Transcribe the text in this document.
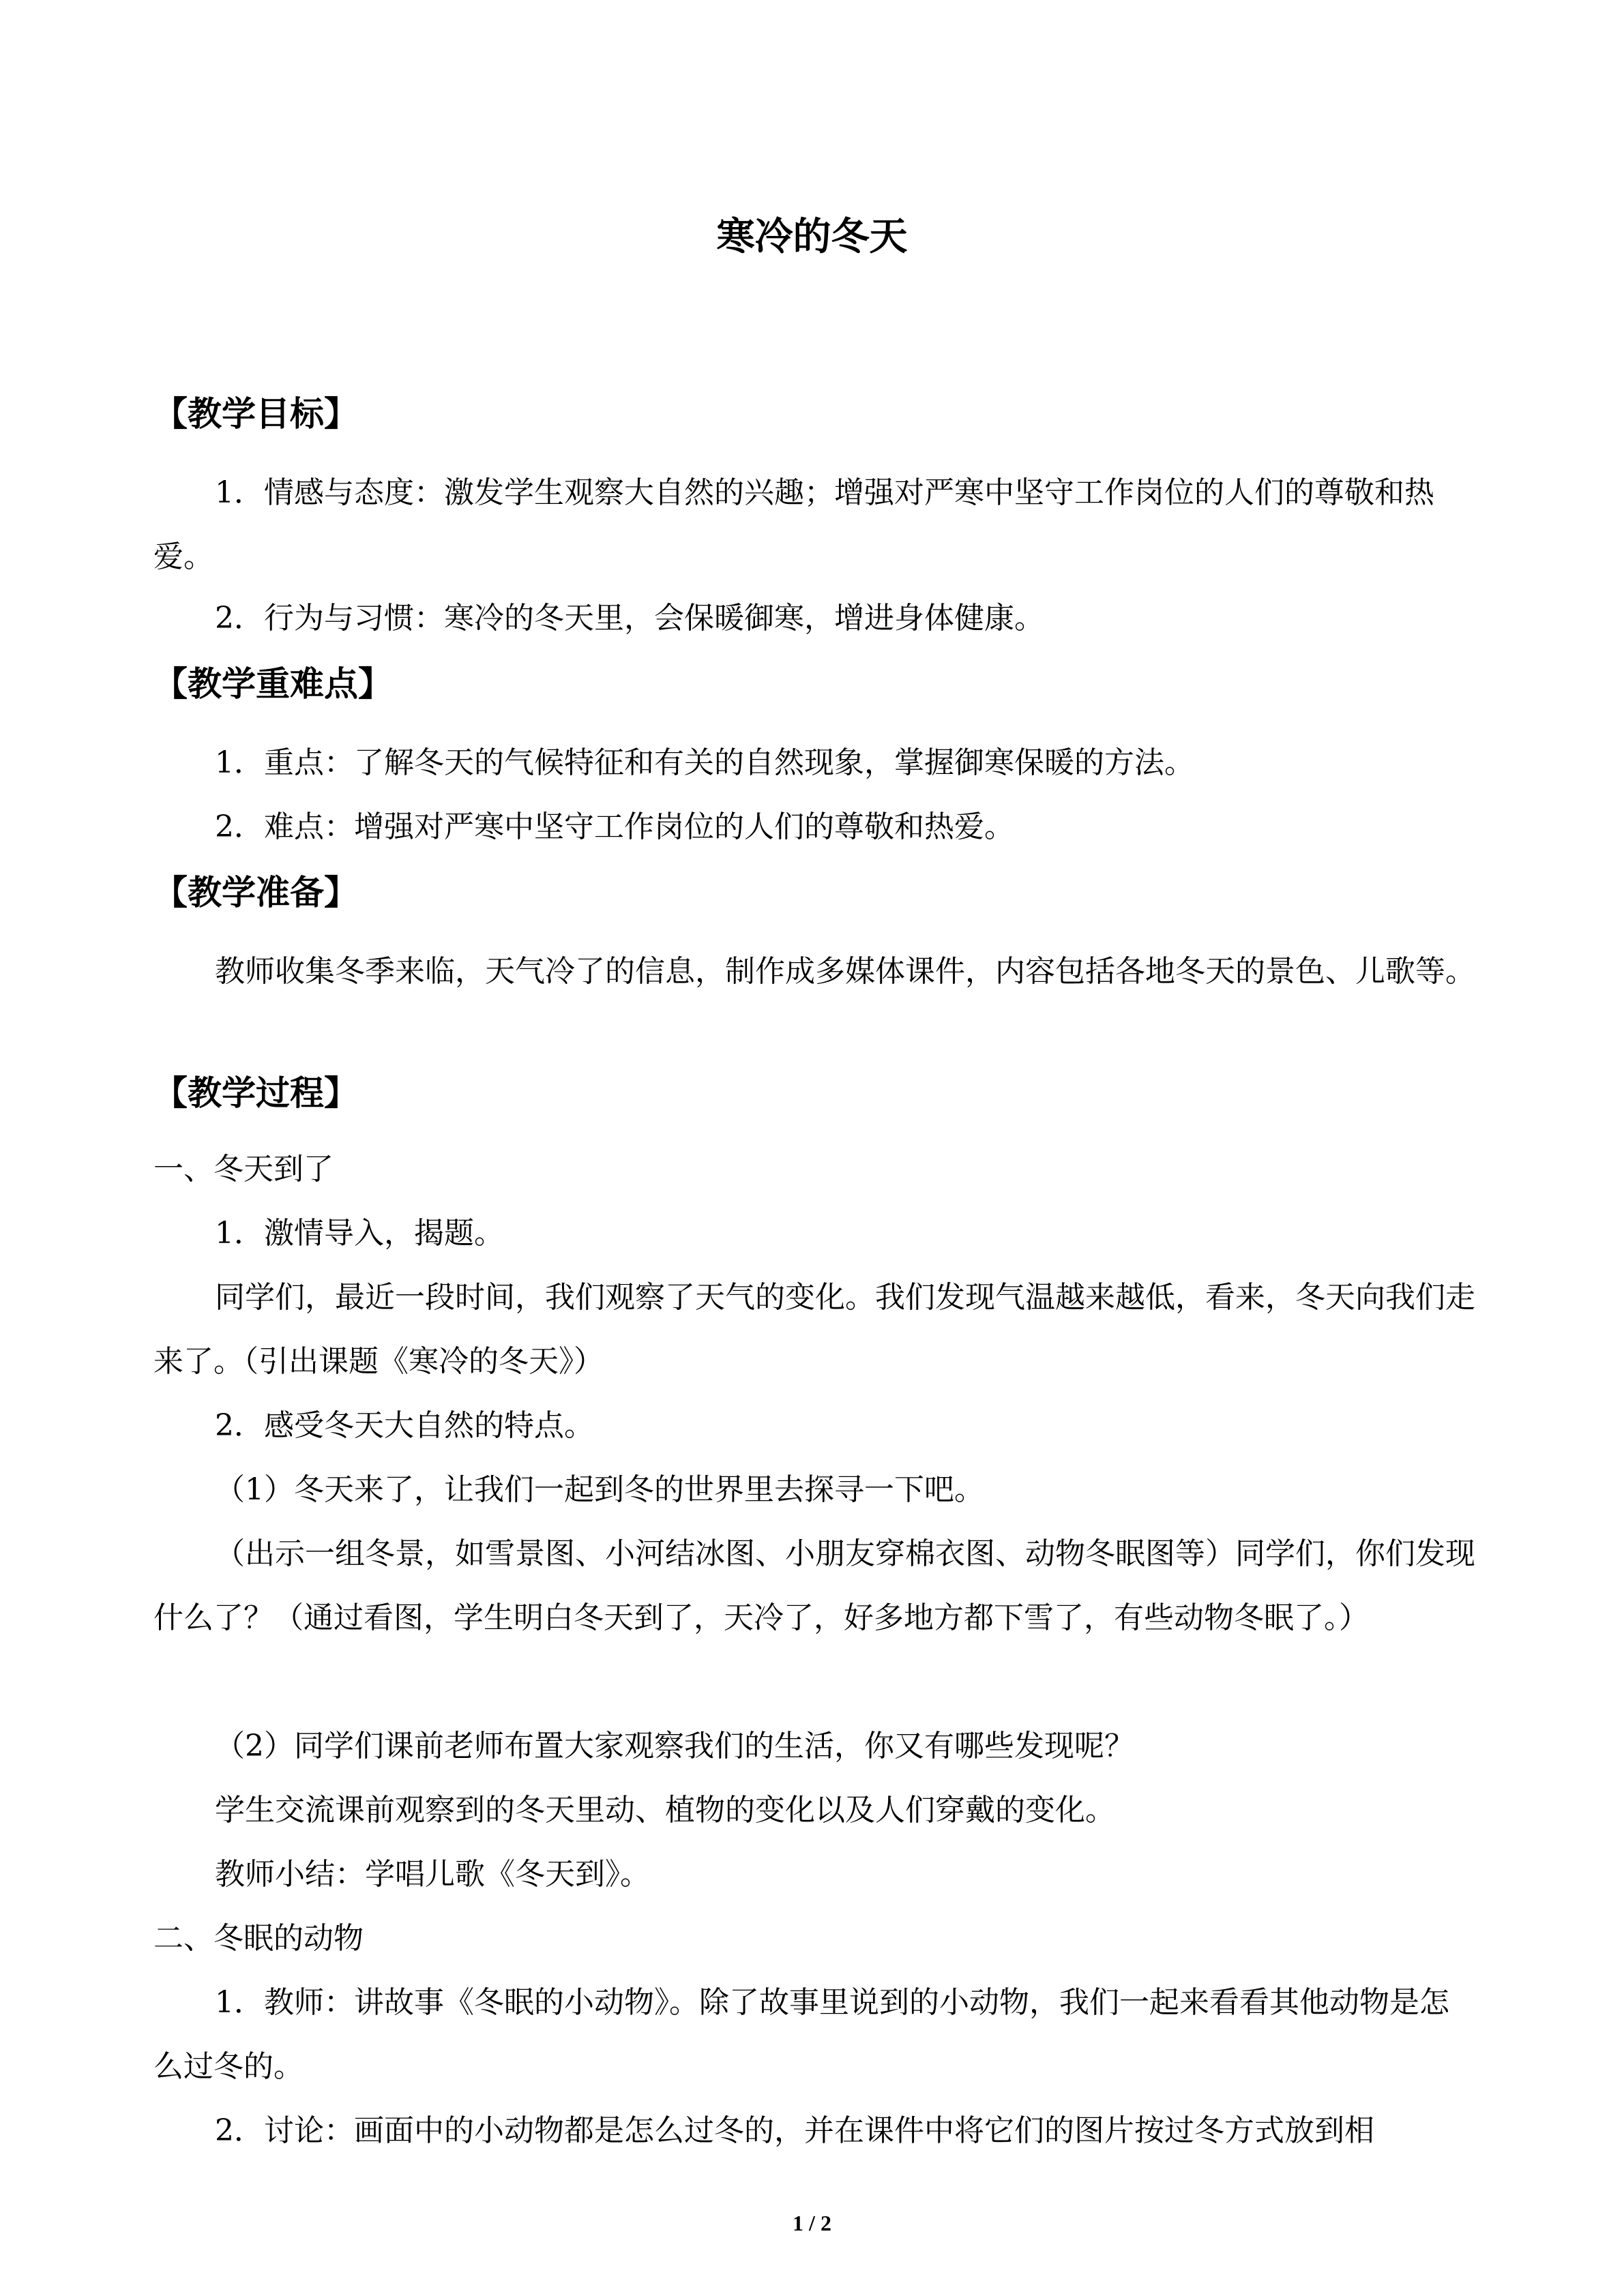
寒冷的冬天
【教学目标】

1．情感与态度：激发学生观察大自然的兴趣；增强对严寒中坚守工作岗位的人们的尊敬和热爱。

2．行为与习惯：寒冷的冬天里，会保暖御寒，增进身体健康。

【教学重难点】

1．重点：了解冬天的气候特征和有关的自然现象，掌握御寒保暖的方法。

2．难点：增强对严寒中坚守工作岗位的人们的尊敬和热爱。

【教学准备】

教师收集冬季来临，天气冷了的信息，制作成多媒体课件，内容包括各地冬天的景色、儿歌等。

【教学过程】

一、冬天到了

1．激情导入，揭题。

同学们，最近一段时间，我们观察了天气的变化。我们发现气温越来越低，看来，冬天向我们走来了。（引出课题《寒冷的冬天》）

2．感受冬天大自然的特点。

（1）冬天来了，让我们一起到冬的世界里去探寻一下吧。

（出示一组冬景，如雪景图、小河结冰图、小朋友穿棉衣图、动物冬眠图等）同学们，你们发现什么了？（通过看图，学生明白冬天到了，天冷了，好多地方都下雪了，有些动物冬眠了。）

（2）同学们课前老师布置大家观察我们的生活，你又有哪些发现呢？

学生交流课前观察到的冬天里动、植物的变化以及人们穿戴的变化。

教师小结：学唱儿歌《冬天到》。

二、冬眠的动物

1．教师：讲故事《冬眠的小动物》。除了故事里说到的小动物，我们一起来看看其他动物是怎么过冬的。

2．讨论：画面中的小动物都是怎么过冬的，并在课件中将它们的图片按过冬方式放到相

1 / 2
